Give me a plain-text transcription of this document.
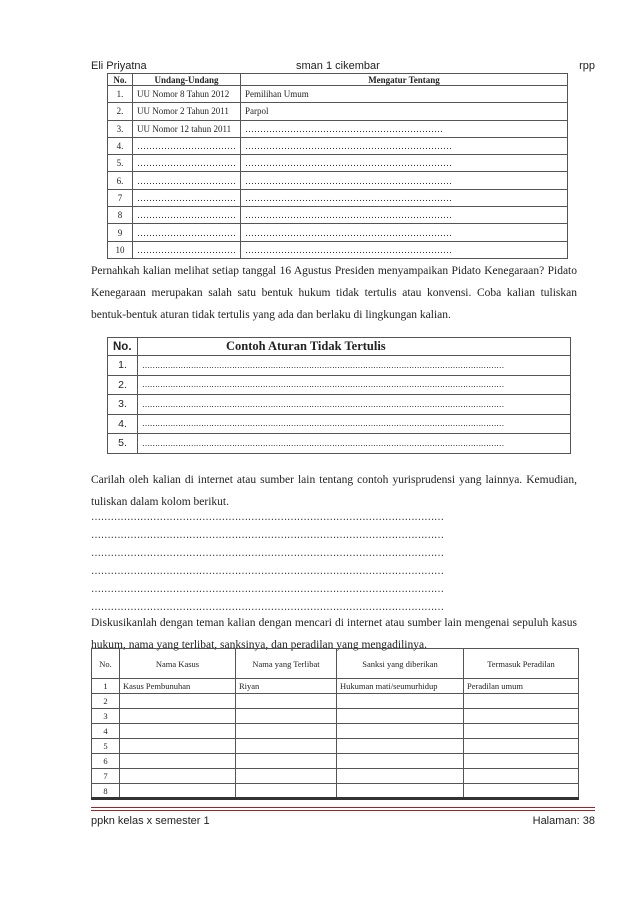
Eli Priyatna	sman 1 cikembar	rpp
No.	Undang-Undang	Mengatur Tentang
1.	UU Nomor 8 Tahun 2012	Pemilihan Umum
2.	UU Nomor 2 Tahun 2011	Parpol
3.	UU Nomor 12 tahun 2011	…………………………………………………………
4.	……………………………	……………………………………………………………
5.	……………………………	……………………………………………………………
6.	……………………………	……………………………………………………………
7	……………………………	……………………………………………………………
8	……………………………	……………………………………………………………
9	……………………………	……………………………………………………………
10	……………………………	……………………………………………………………

Pernahkah kalian melihat setiap tanggal 16 Agustus Presiden menyampaikan Pidato Kenegaraan? Pidato Kenegaraan merupakan salah satu bentuk hukum tidak tertulis atau konvensi. Coba kalian tuliskan bentuk-bentuk aturan tidak tertulis yang ada dan berlaku di lingkungan kalian.

No.	Contoh Aturan Tidak Tertulis
1.	……………………………………………………………………………………………………………………………
2.	……………………………………………………………………………………………………………………………
3.	……………………………………………………………………………………………………………………………
4.	……………………………………………………………………………………………………………………………
5.	……………………………………………………………………………………………………………………………

Carilah oleh kalian di internet atau sumber lain tentang contoh yurisprudensi yang lainnya. Kemudian, tuliskan dalam kolom berikut.

………………………………………………………………………………………………
………………………………………………………………………………………………
………………………………………………………………………………………………
………………………………………………………………………………………………
………………………………………………………………………………………………
………………………………………………………………………………………………

Diskusikanlah dengan teman kalian dengan mencari di internet atau sumber lain mengenai sepuluh kasus hukum, nama yang terlibat, sanksinya, dan peradilan yang mengadilinya.

No.	Nama Kasus	Nama yang Terlibat	Sanksi yang diberikan	Termasuk Peradilan
1	Kasus Pembunuhan	Riyan	Hukuman mati/seumurhidup	Peradilan umum
2				
3				
4				
5				
6				
7				
8				
ppkn kelas x semester 1	Halaman: 38
